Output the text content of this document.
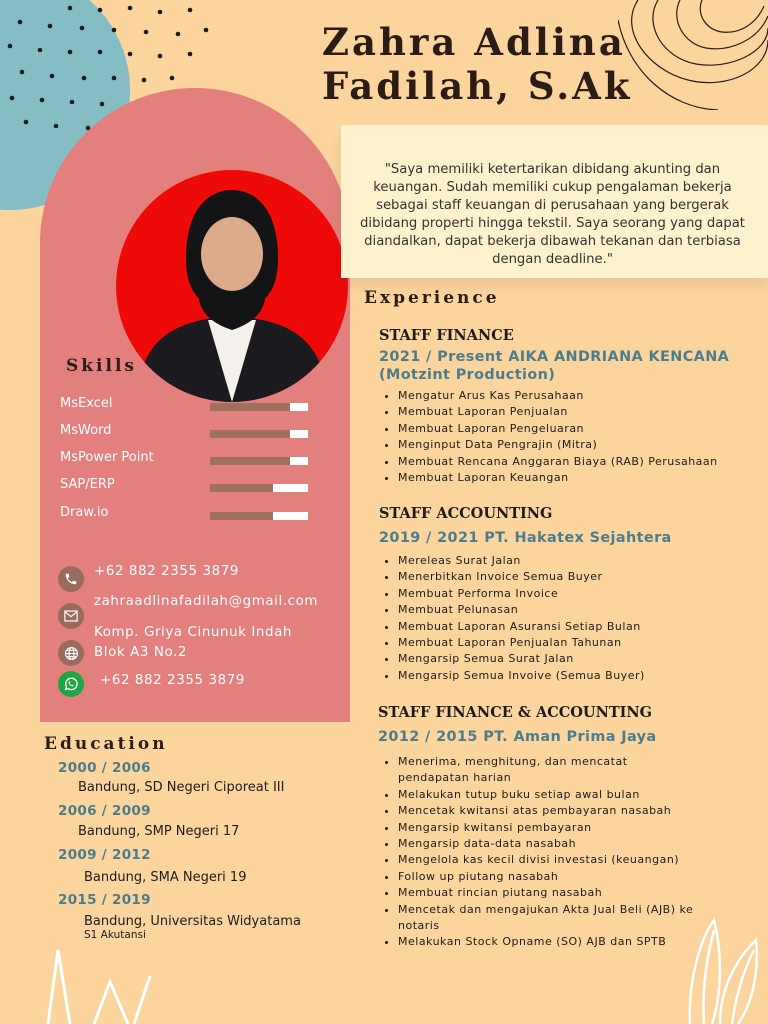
Zahra Adlina
Fadilah, S.Ak
"Saya memiliki ketertarikan dibidang akunting dan keuangan. Sudah memiliki cukup pengalaman bekerja sebagai staff keuangan di perusahaan yang bergerak dibidang properti hingga tekstil. Saya seorang yang dapat diandalkan, dapat bekerja dibawah tekanan dan terbiasa dengan deadline."
Skills
MsExcel
MsWord
MsPower Point
SAP/ERP
Draw.io
+62 882 2355 3879
zahraadlinafadilah@gmail.com
Komp. Griya Cinunuk Indah
Blok A3 No.2
+62 882 2355 3879
Education
2000 / 2006
Bandung, SD Negeri Ciporeat III
2006 / 2009
Bandung, SMP Negeri 17
2009 / 2012
Bandung, SMA Negeri 19
2015 / 2019
Bandung, Universitas Widyatama
S1 Akutansi
Experience
STAFF FINANCE

2021 / Present AIKA ANDRIANA KENCANA (Motzint Production)

• Mengatur Arus Kas Perusahaan
• Membuat Laporan Penjualan
• Membuat Laporan Pengeluaran
• Menginput Data Pengrajin (Mitra)
• Membuat Rencana Anggaran Biaya (RAB) Perusahaan
• Membuat Laporan Keuangan
STAFF ACCOUNTING

2019 / 2021 PT. Hakatex Sejahtera

• Mereleas Surat Jalan
• Menerbitkan Invoice Semua Buyer
• Membuat Performa Invoice
• Membuat Pelunasan
• Membuat Laporan Asuransi Setiap Bulan
• Membuat Laporan Penjualan Tahunan
• Mengarsip Semua Surat Jalan
• Mengarsip Semua Invoive (Semua Buyer)
STAFF FINANCE & ACCOUNTING

2012 / 2015 PT. Aman Prima Jaya

• Menerima, menghitung, dan mencatat pendapatan harian
• Melakukan tutup buku setiap awal bulan
• Mencetak kwitansi atas pembayaran nasabah
• Mengarsip kwitansi pembayaran
• Mengarsip data-data nasabah
• Mengelola kas kecil divisi investasi (keuangan)
• Follow up piutang nasabah
• Membuat rincian piutang nasabah
• Mencetak dan mengajukan Akta Jual Beli (AJB) ke notaris
• Melakukan Stock Opname (SO) AJB dan SPTB
